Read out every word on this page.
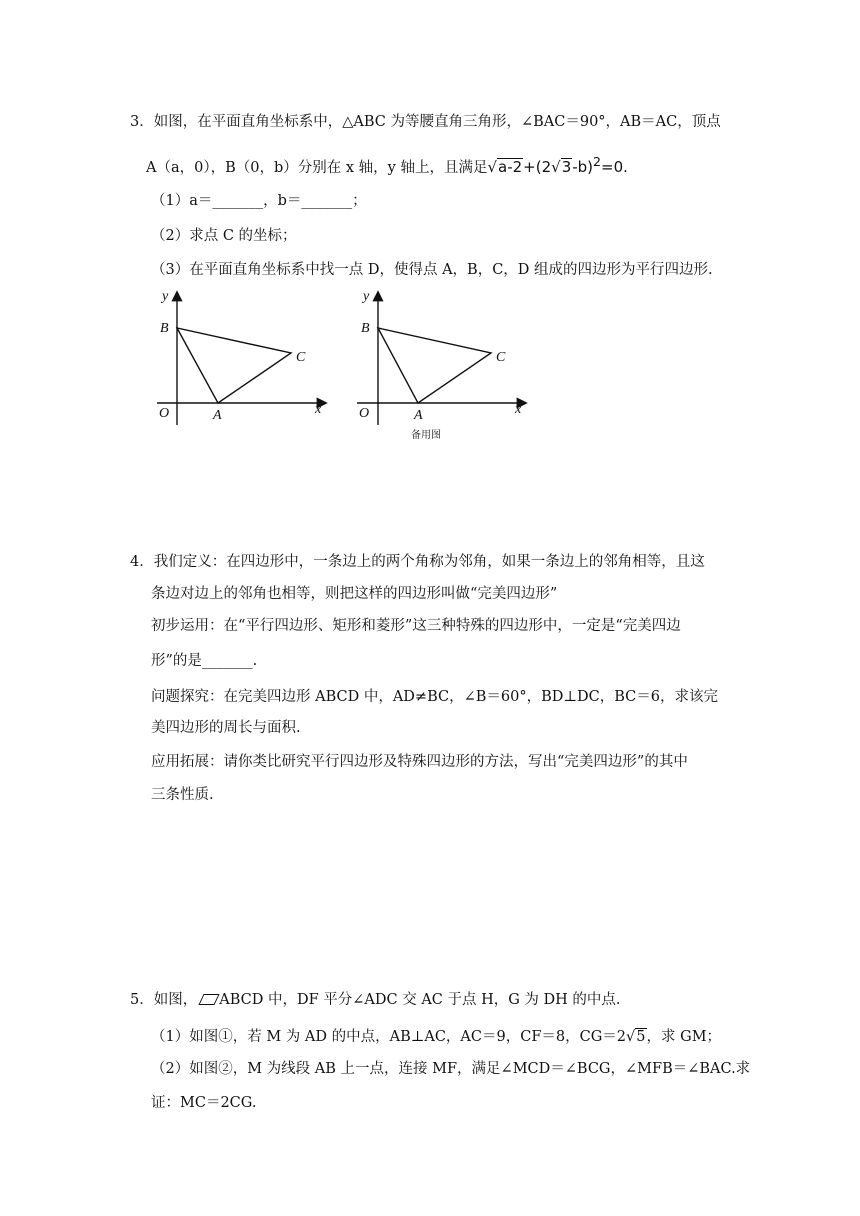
3．如图，在平面直角坐标系中，△ABC 为等腰直角三角形，∠BAC＝90°，AB＝AC，顶点
A（a，0），B（0，b）分别在 x 轴，y 轴上，且满足$√a-2+(2√3-b)^2=0$.
（1）a＝_______，b＝_______；
（2）求点 C 的坐标；
（3）在平面直角坐标系中找一点 D，使得点 A，B，C，D 组成的四边形为平行四边形.
y
x
O	A
B
C
y
x
O	A
B
C
备用图
4．我们定义：在四边形中，一条边上的两个角称为邻角，如果一条边上的邻角相等，且这
条边对边上的邻角也相等，则把这样的四边形叫做“完美四边形”
初步运用：在“平行四边形、矩形和菱形”这三种特殊的四边形中，一定是“完美四边
形”的是_______.
问题探究：在完美四边形 ABCD 中，AD≠BC，∠B＝60°，BD⊥DC，BC＝6，求该完
美四边形的周长与面积.
应用拓展：请你类比研究平行四边形及特殊四边形的方法，写出“完美四边形”的其中
三条性质.
5．如图， ABCD 中，DF 平分∠ADC 交 AC 于点 H，G 为 DH 的中点.
（1）如图①，若 M 为 AD 的中点，AB⊥AC，AC＝9，CF＝8，CG＝2√5，求 GM；
（2）如图②，M 为线段 AB 上一点，连接 MF，满足∠MCD＝∠BCG，∠MFB＝∠BAC.求
证：MC＝2CG.
